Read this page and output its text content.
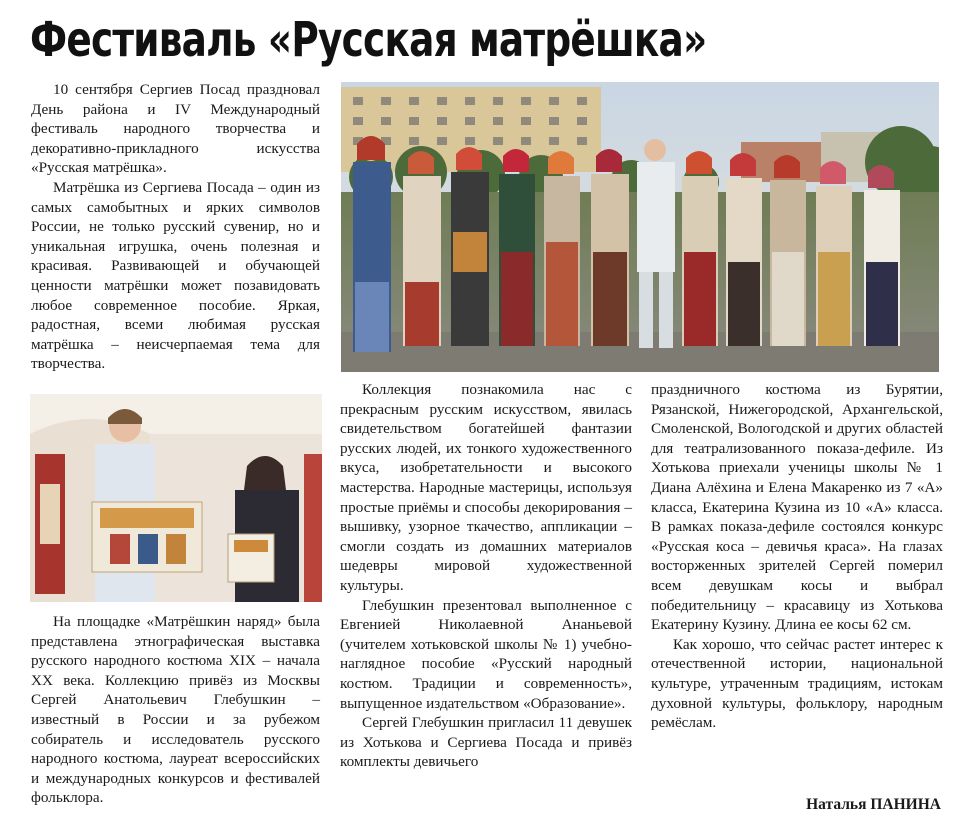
Фестиваль «Русская матрёшка»

10 сентября Сергиев Посад праздновал День района и IV Международный фестиваль народного творчества и декоративно-прикладного искусства «Русская матрёшка».

Матрёшка из Сергиева Посада – один из самых самобытных и ярких символов России, не только русский сувенир, но и уникальная игрушка, очень полезная и красивая. Развивающей и обучающей ценности матрёшки может позавидовать любое современное пособие. Яркая, радостная, всеми любимая русская матрёшка – неисчерпаемая тема для творчества.

На площадке «Матрёшкин наряд» была представлена этнографическая выставка русского народного костюма XIX – начала XX века. Коллекцию привёз из Москвы Сергей Анатольевич Глебушкин – известный в России и за рубежом собиратель и исследователь русского народного костюма, лауреат всероссийских и международных конкурсов и фестивалей фольклора.

Коллекция познакомила нас с прекрасным русским искусством, явилась свидетельством богатейшей фантазии русских людей, их тонкого художественного вкуса, изобретательности и высокого мастерства. Народные мастерицы, используя простые приёмы и способы декорирования – вышивку, узорное ткачество, аппликации – смогли создать из домашних материалов шедевры мировой художественной культуры.

Глебушкин презентовал выполненное с Евгенией Николаевной Ананьевой (учителем хотьковской школы № 1) учебно-наглядное пособие «Русский народный костюм. Традиции и современность», выпущенное издательством «Образование».

Сергей Глебушкин пригласил 11 девушек из Хотькова и Сергиева Посада и привёз комплекты девичьего

праздничного костюма из Бурятии, Рязанской, Нижегородской, Архангельской, Смоленской, Вологодской и других областей для театрализованного показа-дефиле. Из Хотькова приехали ученицы школы № 1 Диана Алёхина и Елена Макаренко из 7 «А» класса, Екатерина Кузина из 10 «А» класса. В рамках показа-дефиле состоялся конкурс «Русская коса – девичья краса». На глазах восторженных зрителей Сергей померил всем девушкам косы и выбрал победительницу – красавицу из Хотькова Екатерину Кузину. Длина ее косы 62 см.

Как хорошо, что сейчас растет интерес к отечественной истории, национальной культуре, утраченным традициям, истокам духовной культуры, фольклору, народным ремёслам.

Наталья ПАНИНА
